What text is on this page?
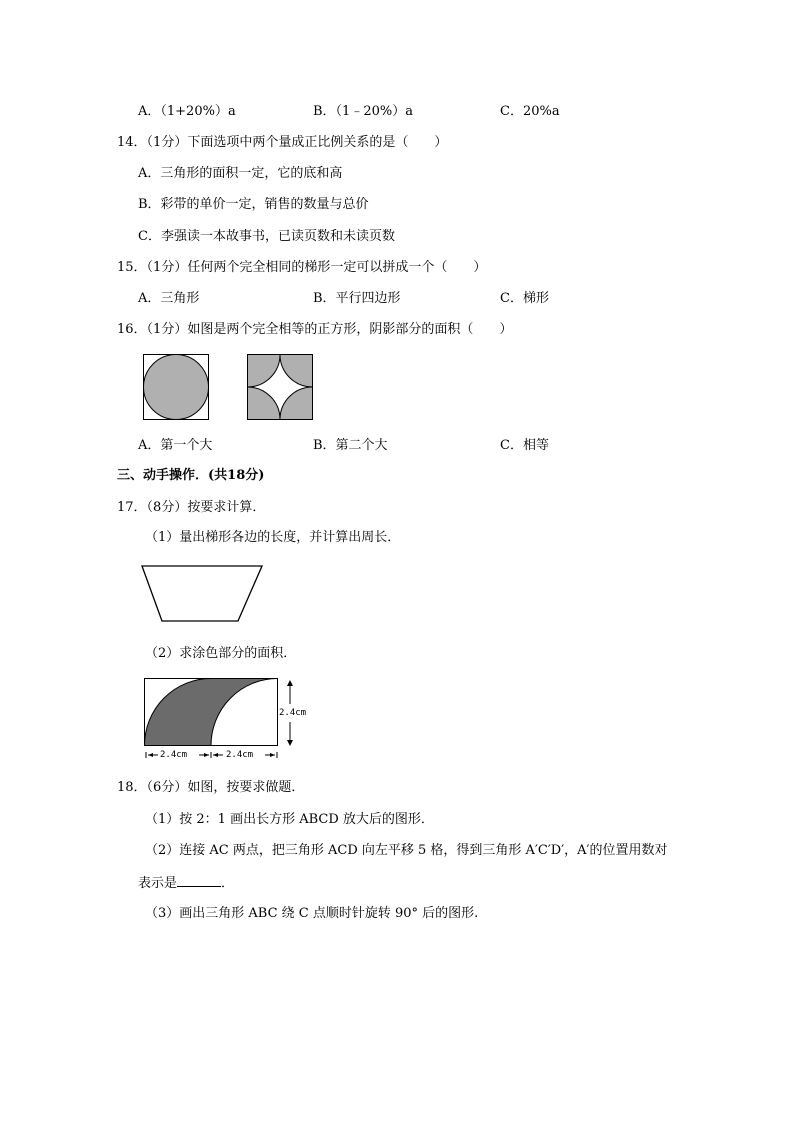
A．（1+20%）a	B．（1﹣20%）a	C．20%a
14．（1分）下面选项中两个量成正比例关系的是（　　）
A．三角形的面积一定，它的底和高
B．彩带的单价一定，销售的数量与总价
C．李强读一本故事书，已读页数和未读页数
15．（1分）任何两个完全相同的梯形一定可以拼成一个（　　）
A．三角形	B．平行四边形	C．梯形
16．（1分）如图是两个完全相等的正方形，阴影部分的面积（　　）
A．第一个大	B．第二个大	C．相等
三、动手操作．(共18分)
17．（8分）按要求计算．
（1）量出梯形各边的长度，并计算出周长．
（2）求涂色部分的面积．
2.4cm
2.4cm	2.4cm
18．（6分）如图，按要求做题．
（1）按 2：1 画出长方形 ABCD 放大后的图形．
（2）连接 AC 两点，把三角形 ACD 向左平移 5 格，得到三角形 A′C′D′，A′的位置用数对
表示是	．
（3）画出三角形 ABC 绕 C 点顺时针旋转 90° 后的图形.
